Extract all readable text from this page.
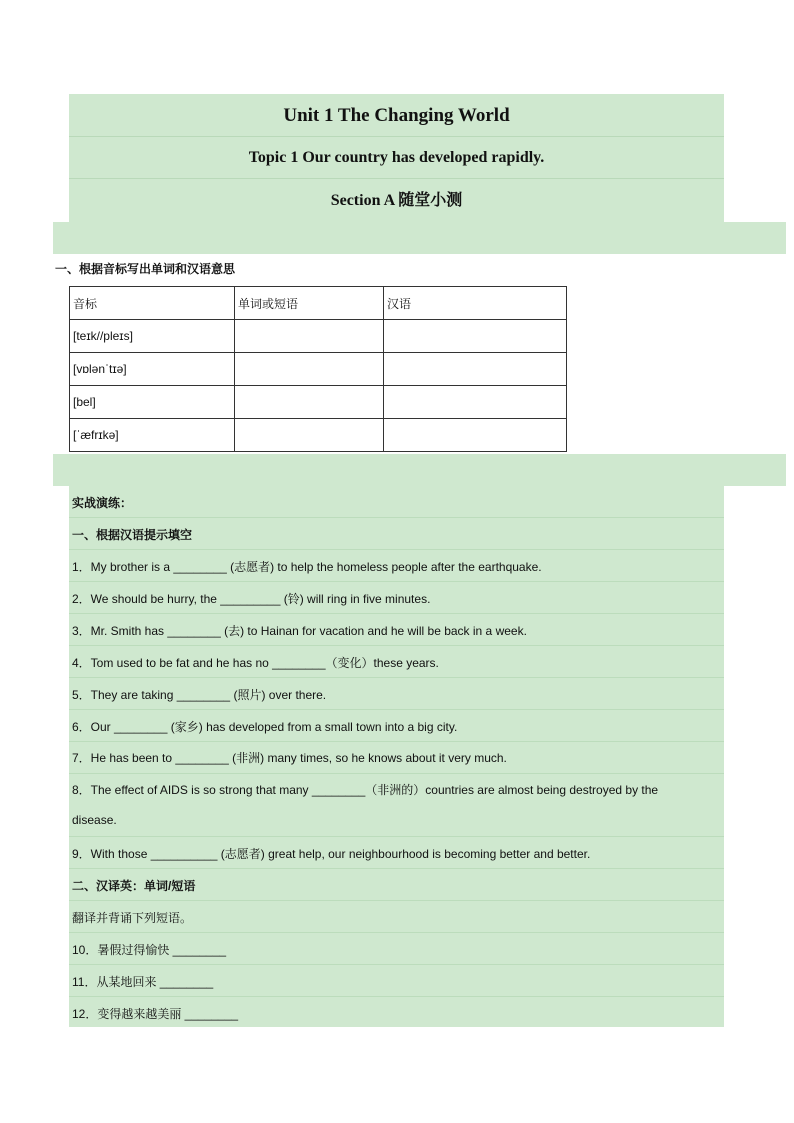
Unit 1 The Changing World
Topic 1 Our country has developed rapidly.
Section A 随堂小测
一、根据音标写出单词和汉语意思
音标	单词或短语	汉语
[teɪk//pleɪs]		
[vɒlənˈtɪə]		
[bel]		
[ˈæfrɪkə]		
实战演练：
一、根据汉语提示填空
1．My brother is a ________ (志愿者) to help the homeless people after the earthquake.
2．We should be hurry, the _________ (铃) will ring in five minutes.
3．Mr. Smith has ________ (去) to Hainan for vacation and he will be back in a week.
4．Tom used to be fat and he has no ________（变化）these years.
5．They are taking ________ (照片) over there.
6．Our ________ (家乡) has developed from a small town into a big city.
7．He has been to ________ (非洲) many times, so he knows about it very much.
8．The effect of AIDS is so strong that many ________（非洲的）countries are almost being destroyed by the
disease.
9．With those __________ (志愿者) great help, our neighbourhood is becoming better and better.
二、汉译英：单词/短语
翻译并背诵下列短语。
10．暑假过得愉快 ________
11．从某地回来 ________
12．变得越来越美丽 ________
